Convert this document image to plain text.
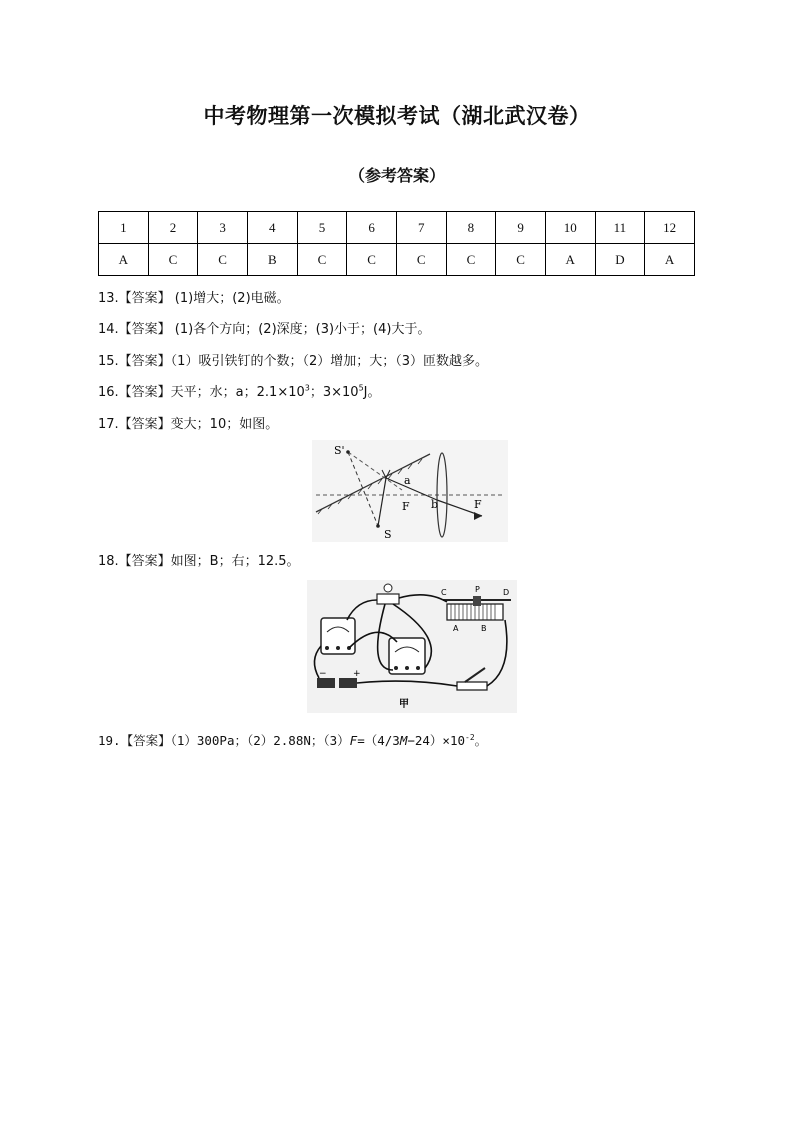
中考物理第一次模拟考试（湖北武汉卷）
（参考答案）
1	2	3	4	5	6	7	8	9	10	11	12
A	C	C	B	C	C	C	C	C	A	D	A
13.【答案】 (1)增大；(2)电磁。
14.【答案】 (1)各个方向；(2)深度；(3)小于；(4)大于。
15.【答案】（1）吸引铁钉的个数；（2）增加；大；（3）匝数越多。
16.【答案】天平；水；a；$2.1\times 10^3$；$3\times 10^5J$。
17.【答案】变大；10；如图。
S'
S
a
b
F	F
18.【答案】如图；B；右；12.5。
C	P	D
A	B
−	+
甲
19.【答案】（1）300Pa；（2）2.88N；$(3)F=(4/3M-24)\times 10^{-2}$。
